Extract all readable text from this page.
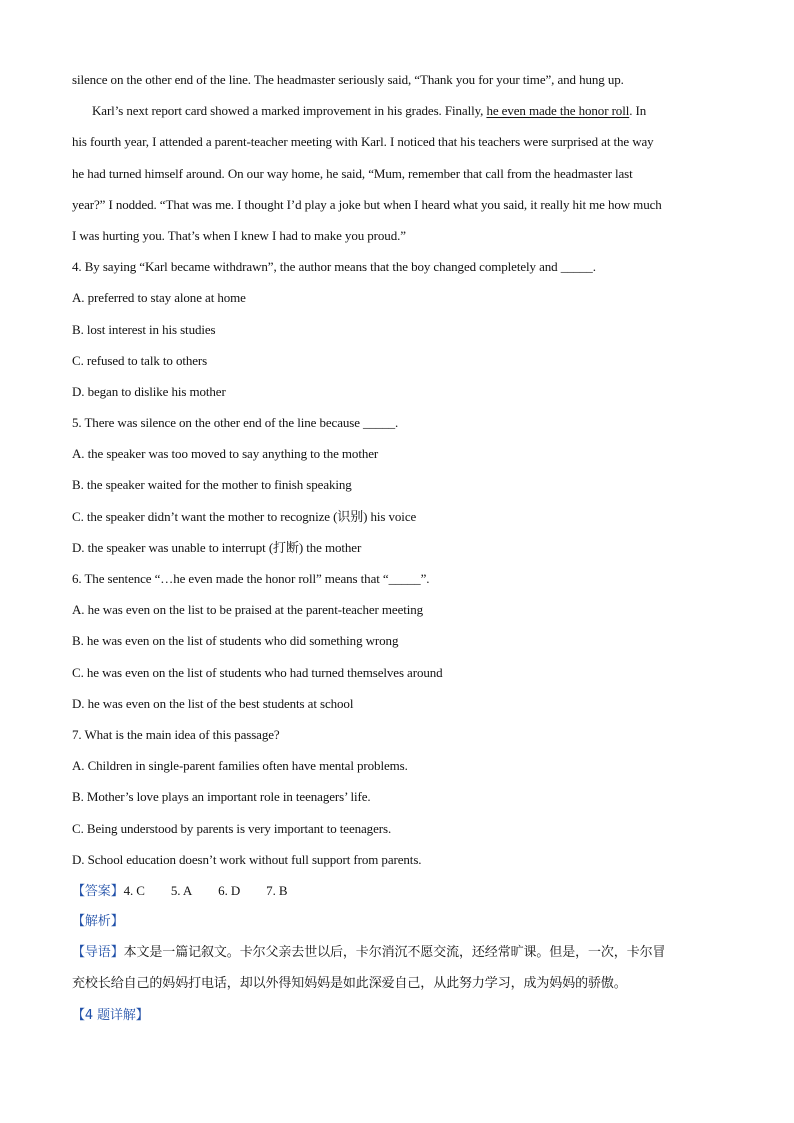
silence on the other end of the line. The headmaster seriously said, “Thank you for your time”, and hung up.
Karl’s next report card showed a marked improvement in his grades. Finally, he even made the honor roll. In
his fourth year, I attended a parent-teacher meeting with Karl. I noticed that his teachers were surprised at the way
he had turned himself around. On our way home, he said, “Mum, remember that call from the headmaster last
year?” I nodded. “That was me. I thought I’d play a joke but when I heard what you said, it really hit me how much
I was hurting you. That’s when I knew I had to make you proud.”
4. By saying “Karl became withdrawn”, the author means that the boy changed completely and _____.
A. preferred to stay alone at home
B. lost interest in his studies
C. refused to talk to others
D. began to dislike his mother
5. There was silence on the other end of the line because _____.
A. the speaker was too moved to say anything to the mother
B. the speaker waited for the mother to finish speaking
C. the speaker didn’t want the mother to recognize (识别) his voice
D. the speaker was unable to interrupt (打断) the mother
6. The sentence “…he even made the honor roll” means that “_____”.
A. he was even on the list to be praised at the parent-teacher meeting
B. he was even on the list of students who did something wrong
C. he was even on the list of students who had turned themselves around
D. he was even on the list of the best students at school
7. What is the main idea of this passage?
A. Children in single-parent families often have mental problems.
B. Mother’s love plays an important role in teenagers’ life.
C. Being understood by parents is very important to teenagers.
D. School education doesn’t work without full support from parents.
【答案】4. C 5. A 6. D 7. B
【解析】
【导语】本文是一篇记叙文。卡尔父亲去世以后，卡尔消沉不愿交流，还经常旷课。但是，一次，卡尔冒
充校长给自己的妈妈打电话，却以外得知妈妈是如此深爱自己，从此努力学习，成为妈妈的骄傲。
【4 题详解】
